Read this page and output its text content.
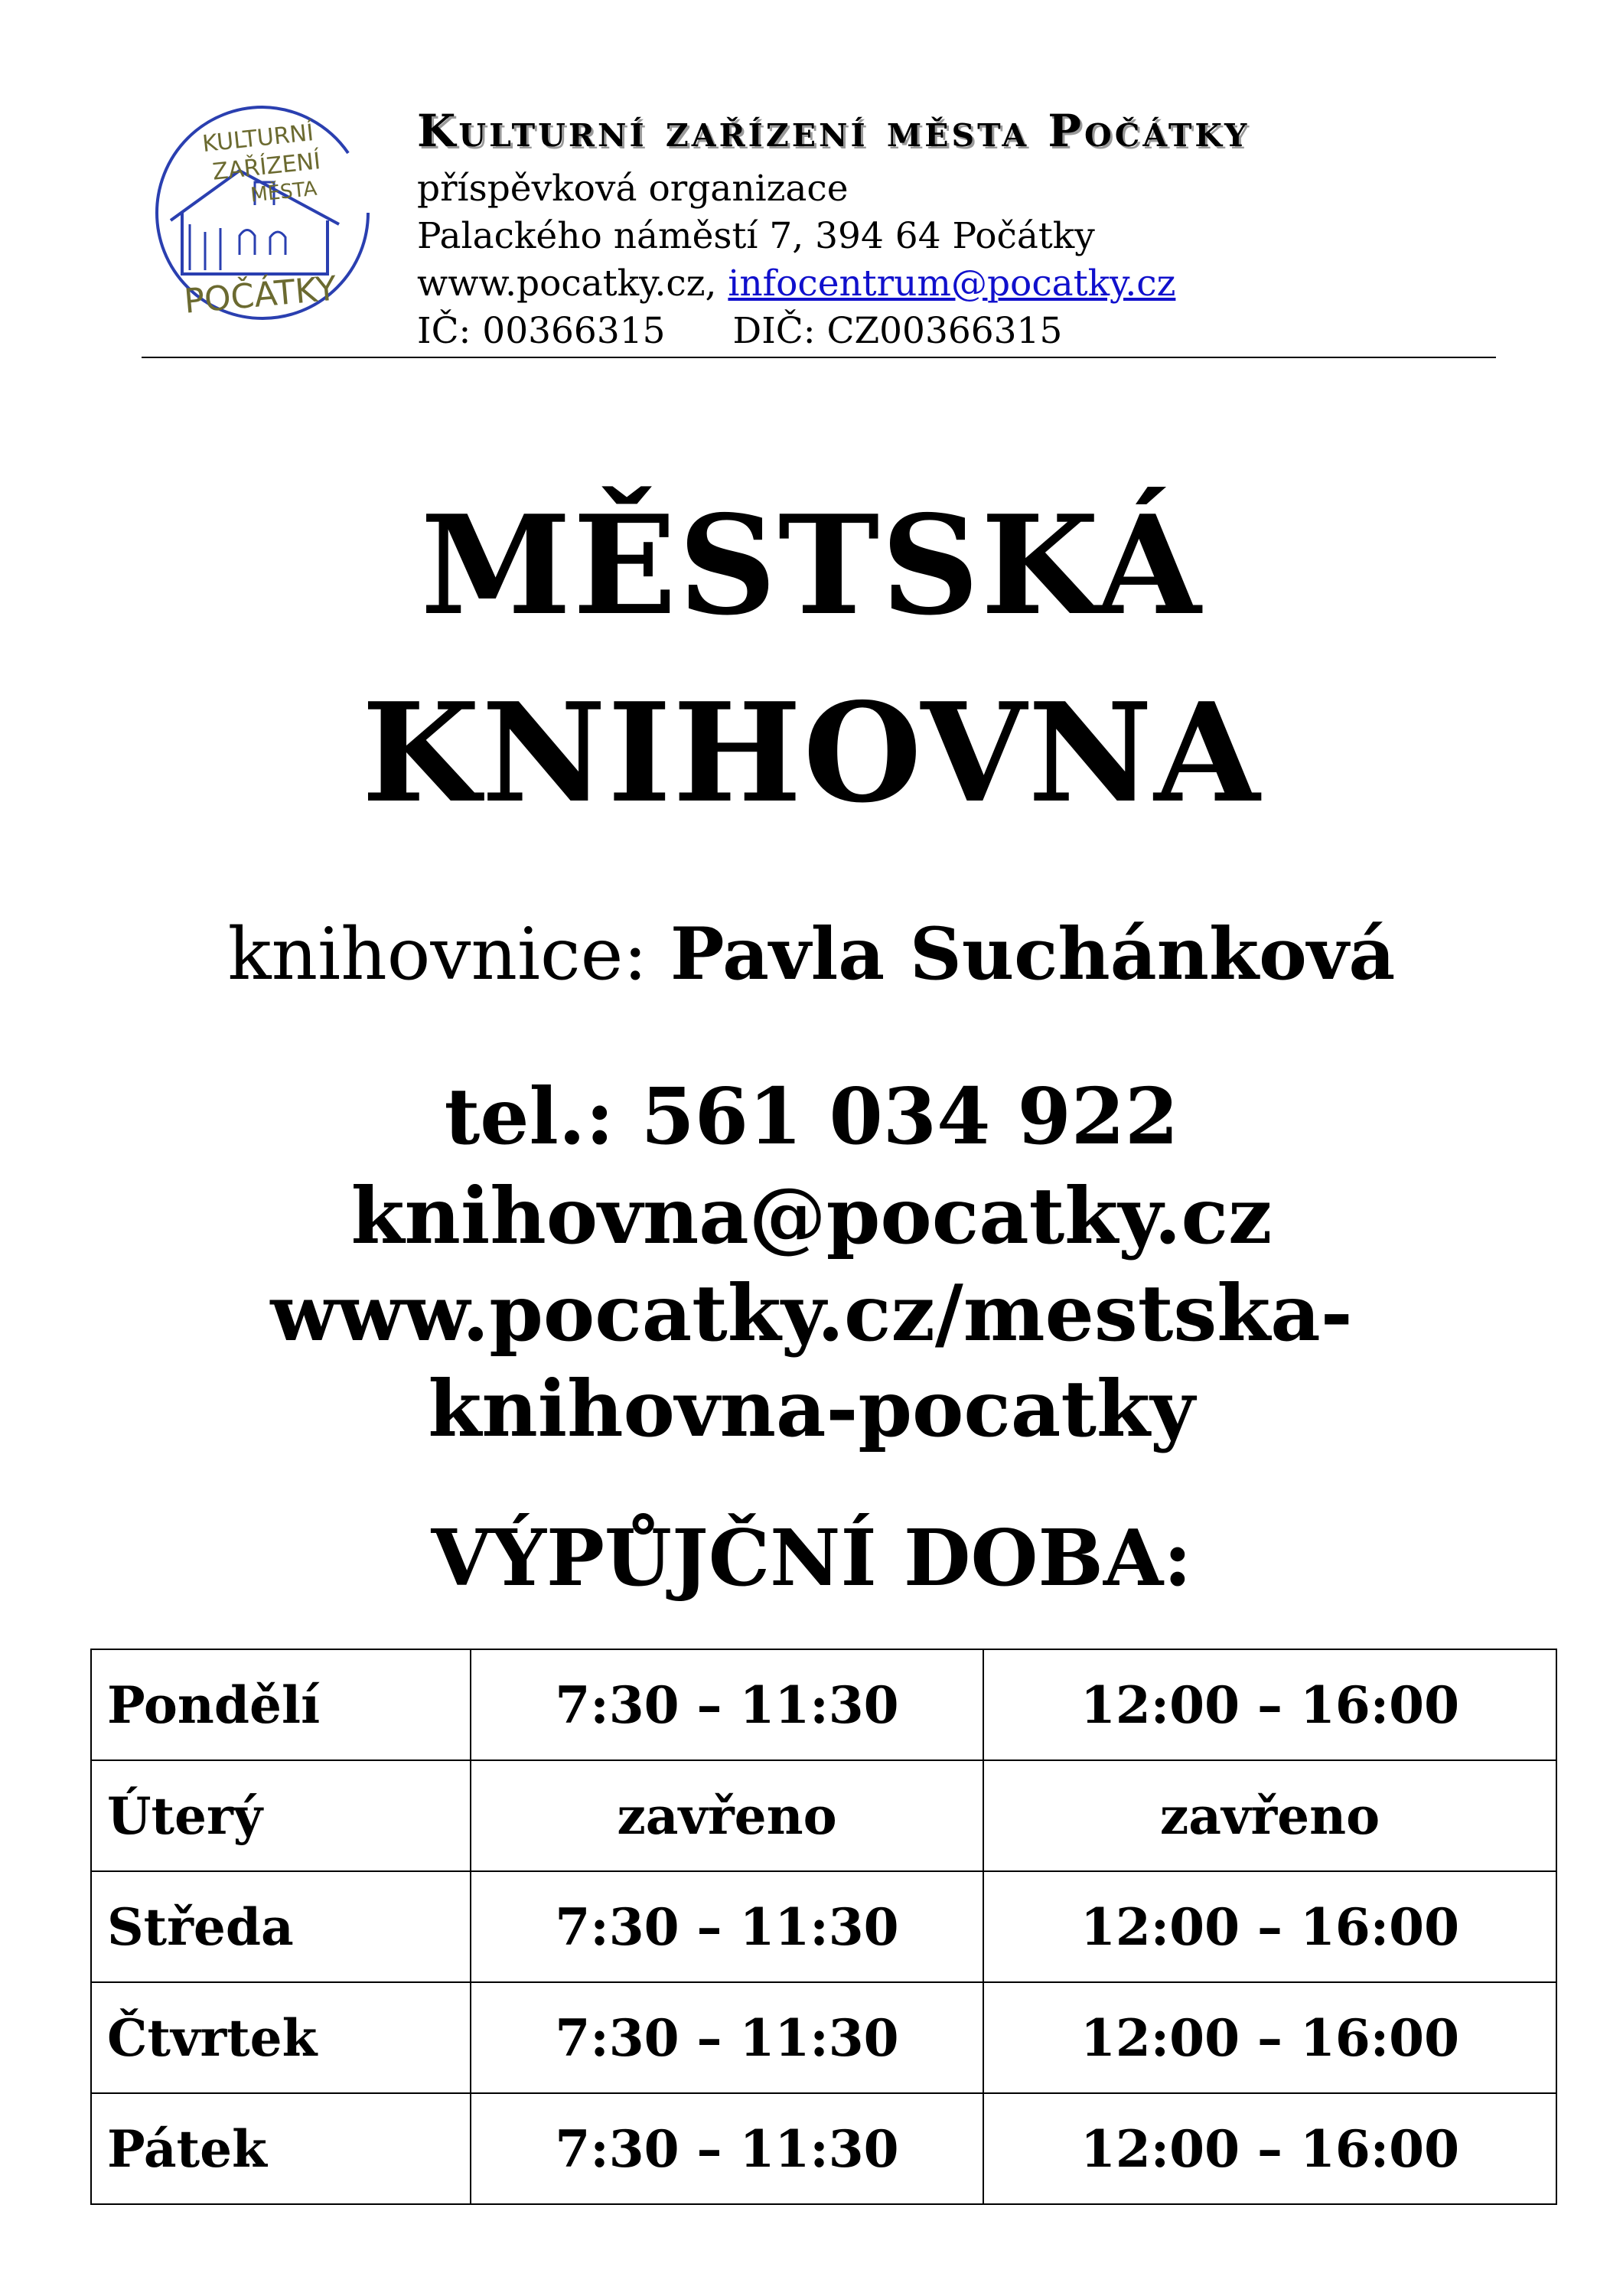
KULTURNÍ
ZAŘÍZENÍ
MĚSTA
POČÁTKY
Kulturní zařízení města Počátky
příspěvková organizace
Palackého náměstí 7, 394 64 Počátky
www.pocatky.cz, infocentrum@pocatky.cz
IČ: 00366315 DIČ: CZ00366315
MĚSTSKÁ
KNIHOVNA
knihovnice: Pavla Suchánková
tel.: 561 034 922
knihovna@pocatky.cz
www.pocatky.cz/mestska-
knihovna-pocatky
VÝPŮJČNÍ DOBA:
Pondělí	7:30 – 11:30	12:00 – 16:00
Úterý	zavřeno	zavřeno
Středa	7:30 – 11:30	12:00 – 16:00
Čtvrtek	7:30 – 11:30	12:00 – 16:00
Pátek	7:30 – 11:30	12:00 – 16:00
